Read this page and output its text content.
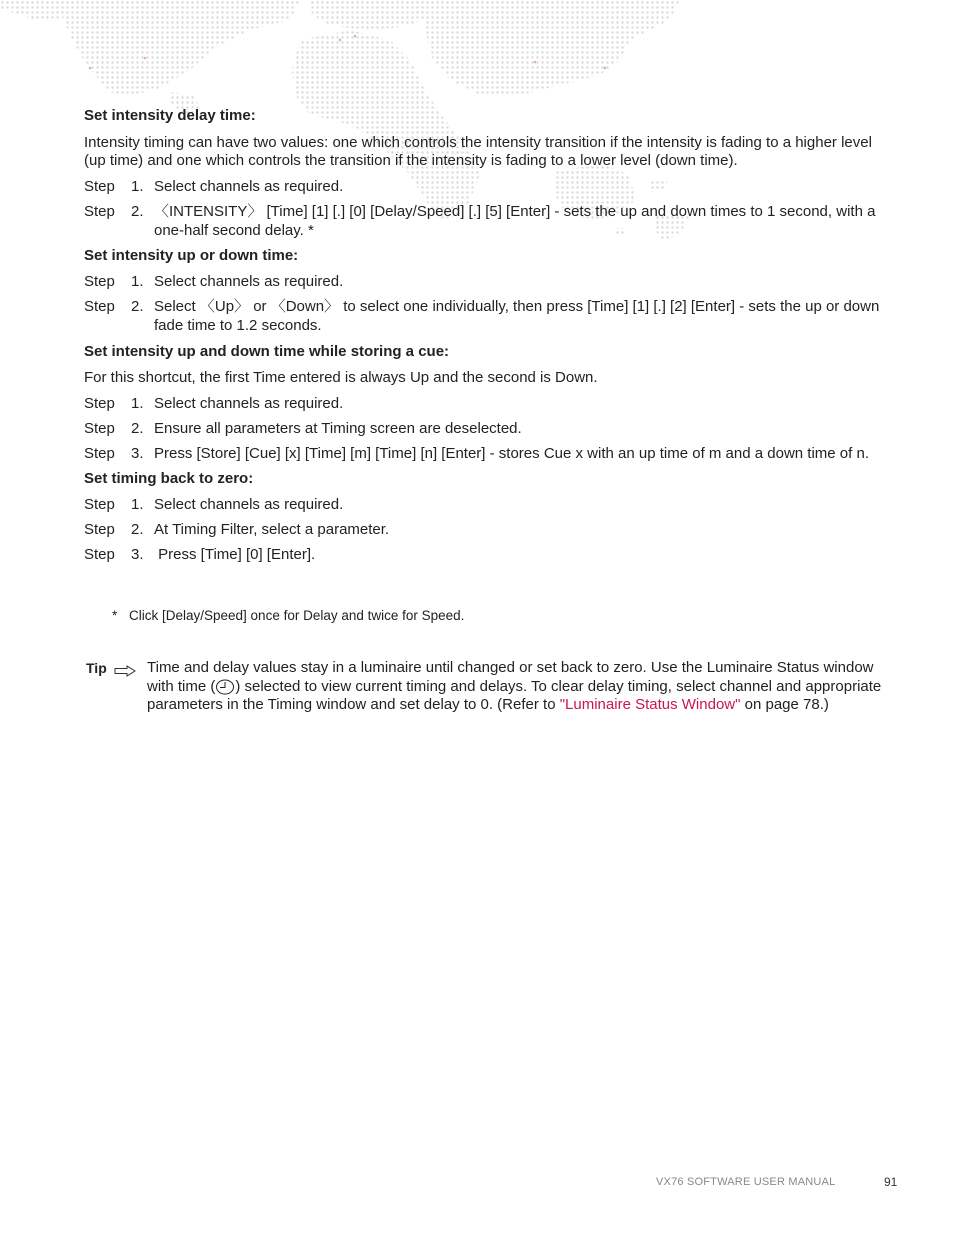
Set intensity delay time:
Intensity timing can have two values: one which controls the intensity transition if the intensity is fading to a higher level (up time) and one which controls the transition if the intensity is fading to a lower level (down time).
Step 1. Select channels as required.
Step 2. 〈INTENSITY〉 [Time] [1] [.] [0] [Delay/Speed] [.] [5] [Enter] - sets the up and down times to 1 second, with a one-half second delay. *
Set intensity up or down time:
Step 1. Select channels as required.
Step 2. Select 〈Up〉 or 〈Down〉 to select one individually, then press [Time] [1] [.] [2] [Enter] - sets the up or down fade time to 1.2 seconds.
Set intensity up and down time while storing a cue:
For this shortcut, the first Time entered is always Up and the second is Down.
Step 1. Select channels as required.
Step 2. Ensure all parameters at Timing screen are deselected.
Step 3. Press [Store] [Cue] [x] [Time] [m] [Time] [n] [Enter] - stores Cue x with an up time of m and a down time of n.
Set timing back to zero:
Step 1. Select channels as required.
Step 2. At Timing Filter, select a parameter.
Step 3. Press [Time] [0] [Enter].
* Click [Delay/Speed] once for Delay and twice for Speed.
Tip	Time and delay values stay in a luminaire until changed or set back to zero. Use the Luminaire Status window with time ( ) selected to view current timing and delays. To clear delay timing, select channel and appropriate parameters in the Timing window and set delay to 0. (Refer to "Luminaire Status Window" on page 78.)
VX76 SOFTWARE USER MANUAL	91
